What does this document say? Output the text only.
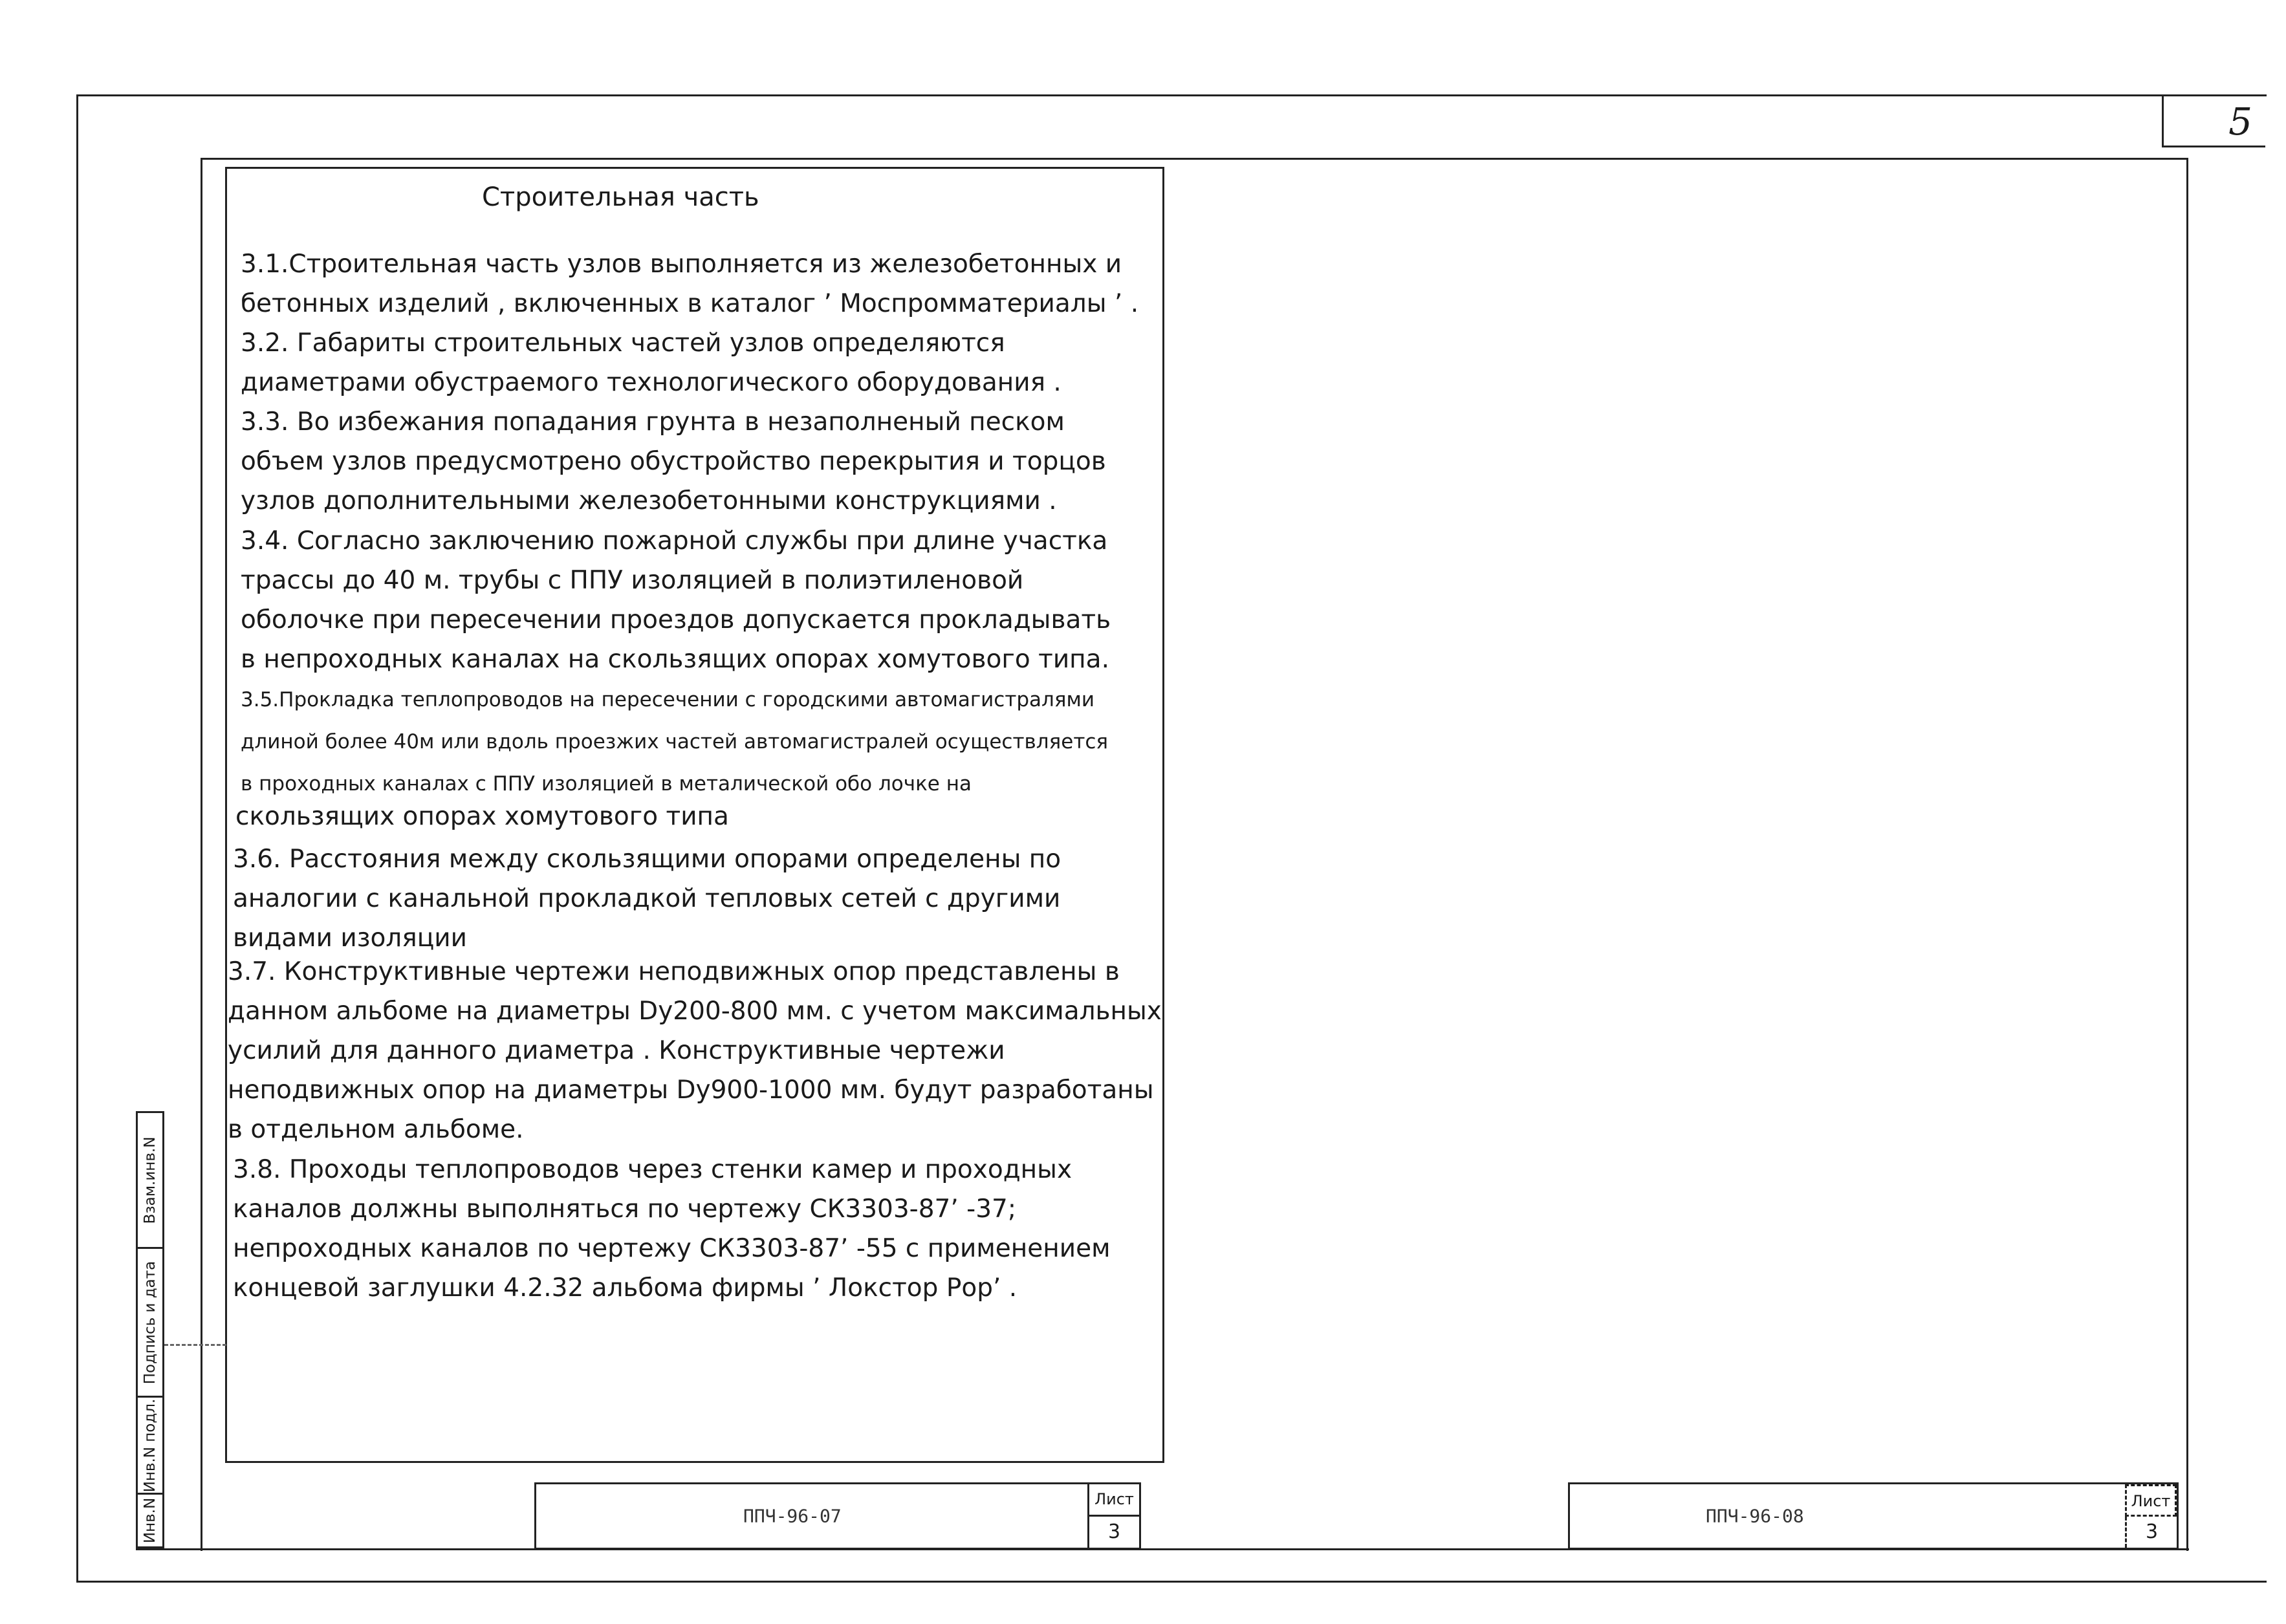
5
Строительная часть
3.1.Строительная часть узлов выполняется из железобетонных и
бетонных изделий , включенных в каталог ’ Моспромматериалы ’ .
3.2. Габариты строительных частей узлов определяются
диаметрами обустраемого технологического оборудования .
3.3. Во избежания попадания грунта в незаполненый песком
объем узлов предусмотрено обустройство перекрытия и торцов
узлов дополнительными железобетонными конструкциями .
3.4. Согласно заключению пожарной службы при длине участка
трассы до 40 м. трубы с ППУ изоляцией в полиэтиленовой
оболочке при пересечении проездов допускается прокладывать
в непроходных каналах на скользящих опорах хомутового типа.
3.5.Прокладка теплопроводов на пересечении с городскими автомагистралями
длиной более 40м или вдоль проезжих частей автомагистралей осуществляется
в проходных каналах с ППУ изоляцией в металической обо лочке на
скользящих опорах хомутового типа
3.6. Расстояния между скользящими опорами определены по
аналогии с канальной прокладкой тепловых сетей с другими
видами изоляции
3.7. Конструктивные чертежи неподвижных опор представлены в
данном альбоме на диаметры Dу200-800 мм. с учетом максимальных
усилий для данного диаметра . Конструктивные чертежи
неподвижных опор на диаметры Dу900-1000 мм. будут разработаны
в отдельном альбоме.
3.8. Проходы теплопроводов через стенки камер и проходных
каналов должны выполняться по чертежу СК3303-87’ -37;
непроходных каналов по чертежу СК3303-87’ -55 с применением
концевой заглушки 4.2.32 альбома фирмы ’ Локстор Рор’ .
Взам.инв.N
Подпись и дата
Инв.N подл.
Инв.N	ППЧ-96-07
Лист
3
ППЧ-96-08
Лист
3
